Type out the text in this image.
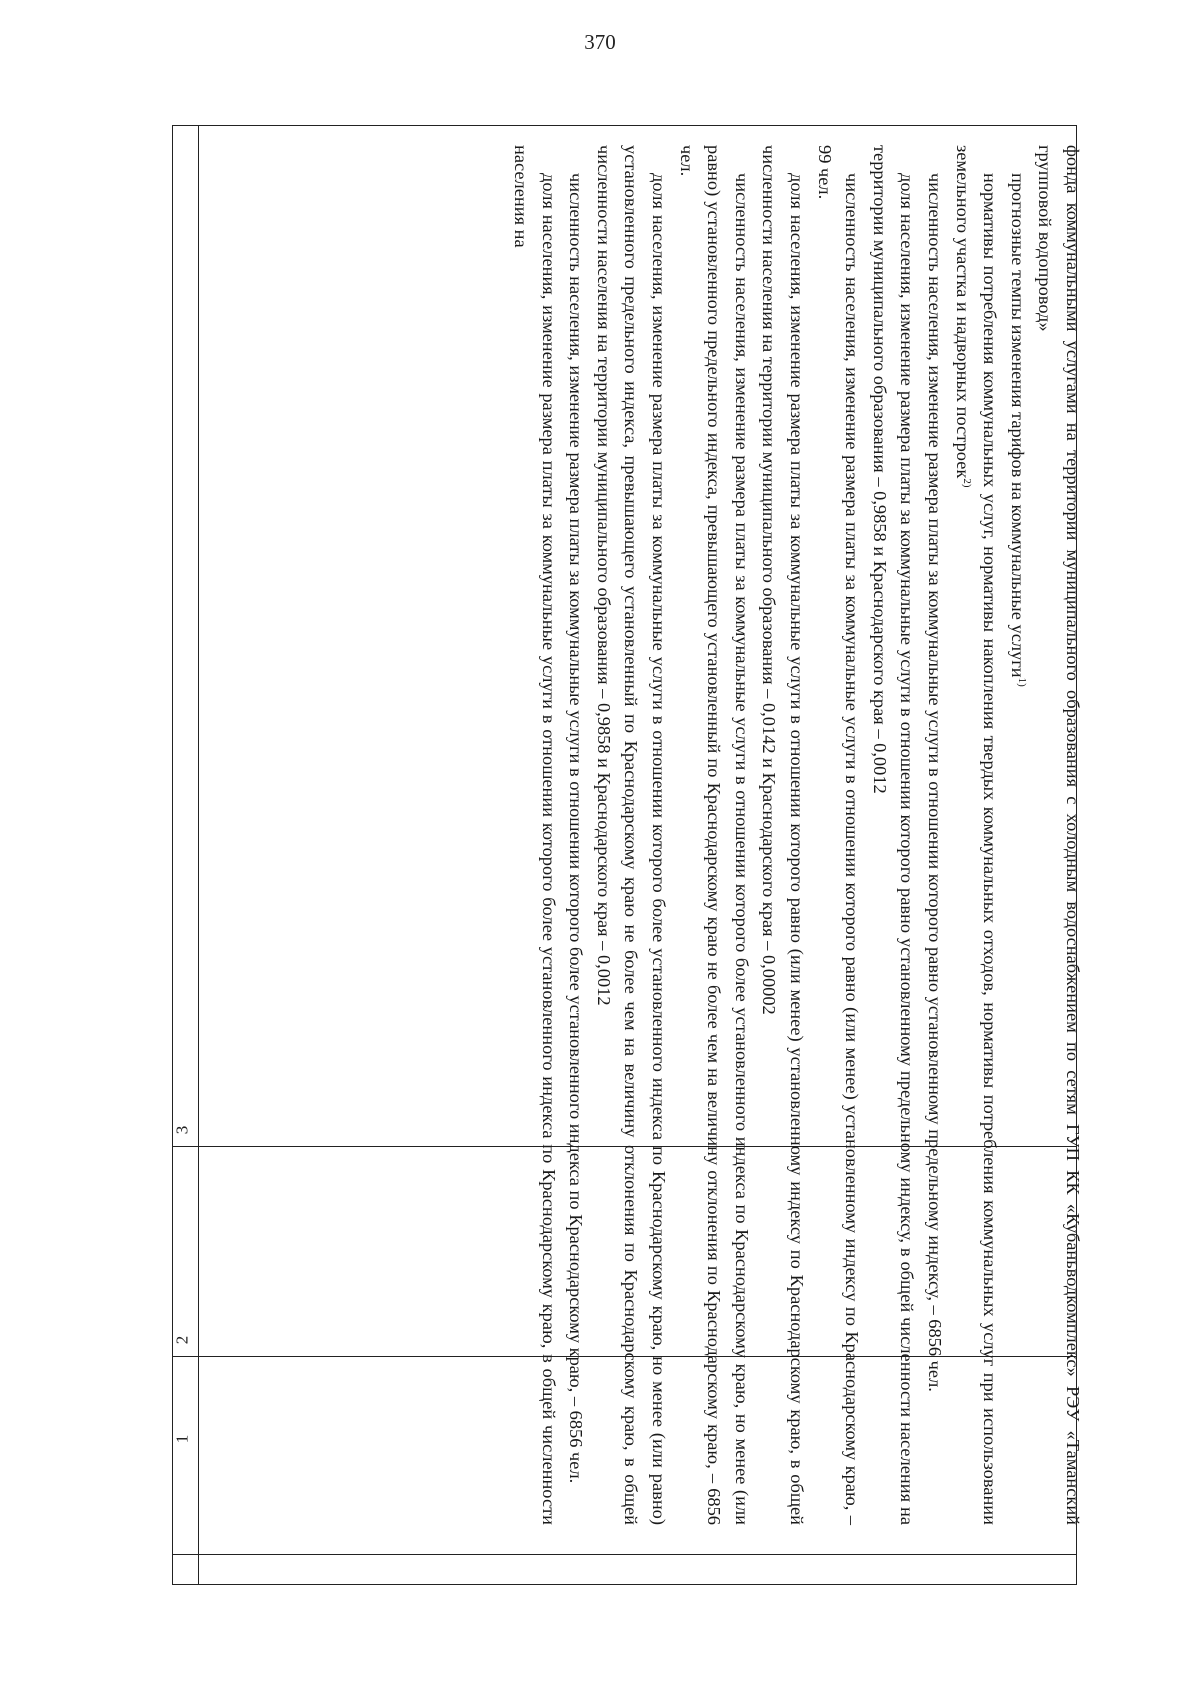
370
1
2
3	фонда коммунальными услугами на территории муниципального образования с холодным водоснабжением по сетям ГУП КК «Кубаньводкомплекс» РЭУ «Таманский групповой водопровод»

прогнозные темпы изменения тарифов на коммунальные услуги$^{1)}$

нормативы потребления коммунальных услуг, нормативы накопления твердых коммунальных отходов, нормативы потребления коммунальных услуг при использовании земельного участка и надворных построек$^{2)}$

численность населения, изменение размера платы за коммунальные услуги в отношении которого равно установленному предельному индексу, – 6856 чел.

доля населения, изменение размера платы за коммунальные услуги в отношении которого равно установленному предельному индексу, в общей численности населения на территории муниципального образования – 0,9858 и Краснодарского края – 0,0012

численность населения, изменение размера платы за коммунальные услуги в отношении которого равно (или менее) установленному индексу по Краснодарскому краю, – 99 чел.

доля населения, изменение размера платы за коммунальные услуги в отношении которого равно (или менее) установленному индексу по Краснодарскому краю, в общей численности населения на территории муниципального образования – 0,0142 и Краснодарского края – 0,00002

численность населения, изменение размера платы за коммунальные услуги в отношении которого более установленного индекса по Краснодарскому краю, но менее (или равно) установленного предельного индекса, превышающего установленный по Краснодарскому краю не более чем на величину отклонения по Краснодарскому краю, – 6856 чел.

доля населения, изменение размера платы за коммунальные услуги в отношении которого более установленного индекса по Краснодарскому краю, но менее (или равно) установленного предельного индекса, превышающего установленный по Краснодарскому краю не более чем на величину отклонения по Краснодарскому краю, в общей численности населения на территории муниципального образования – 0,9858 и Краснодарского края – 0,0012

численность населения, изменение размера платы за коммунальные услуги в отношении которого более установленного индекса по Краснодарскому краю, – 6856 чел.

доля населения, изменение размера платы за коммунальные услуги в отношении которого более установленного индекса по Краснодарскому краю, в общей численности населения на
